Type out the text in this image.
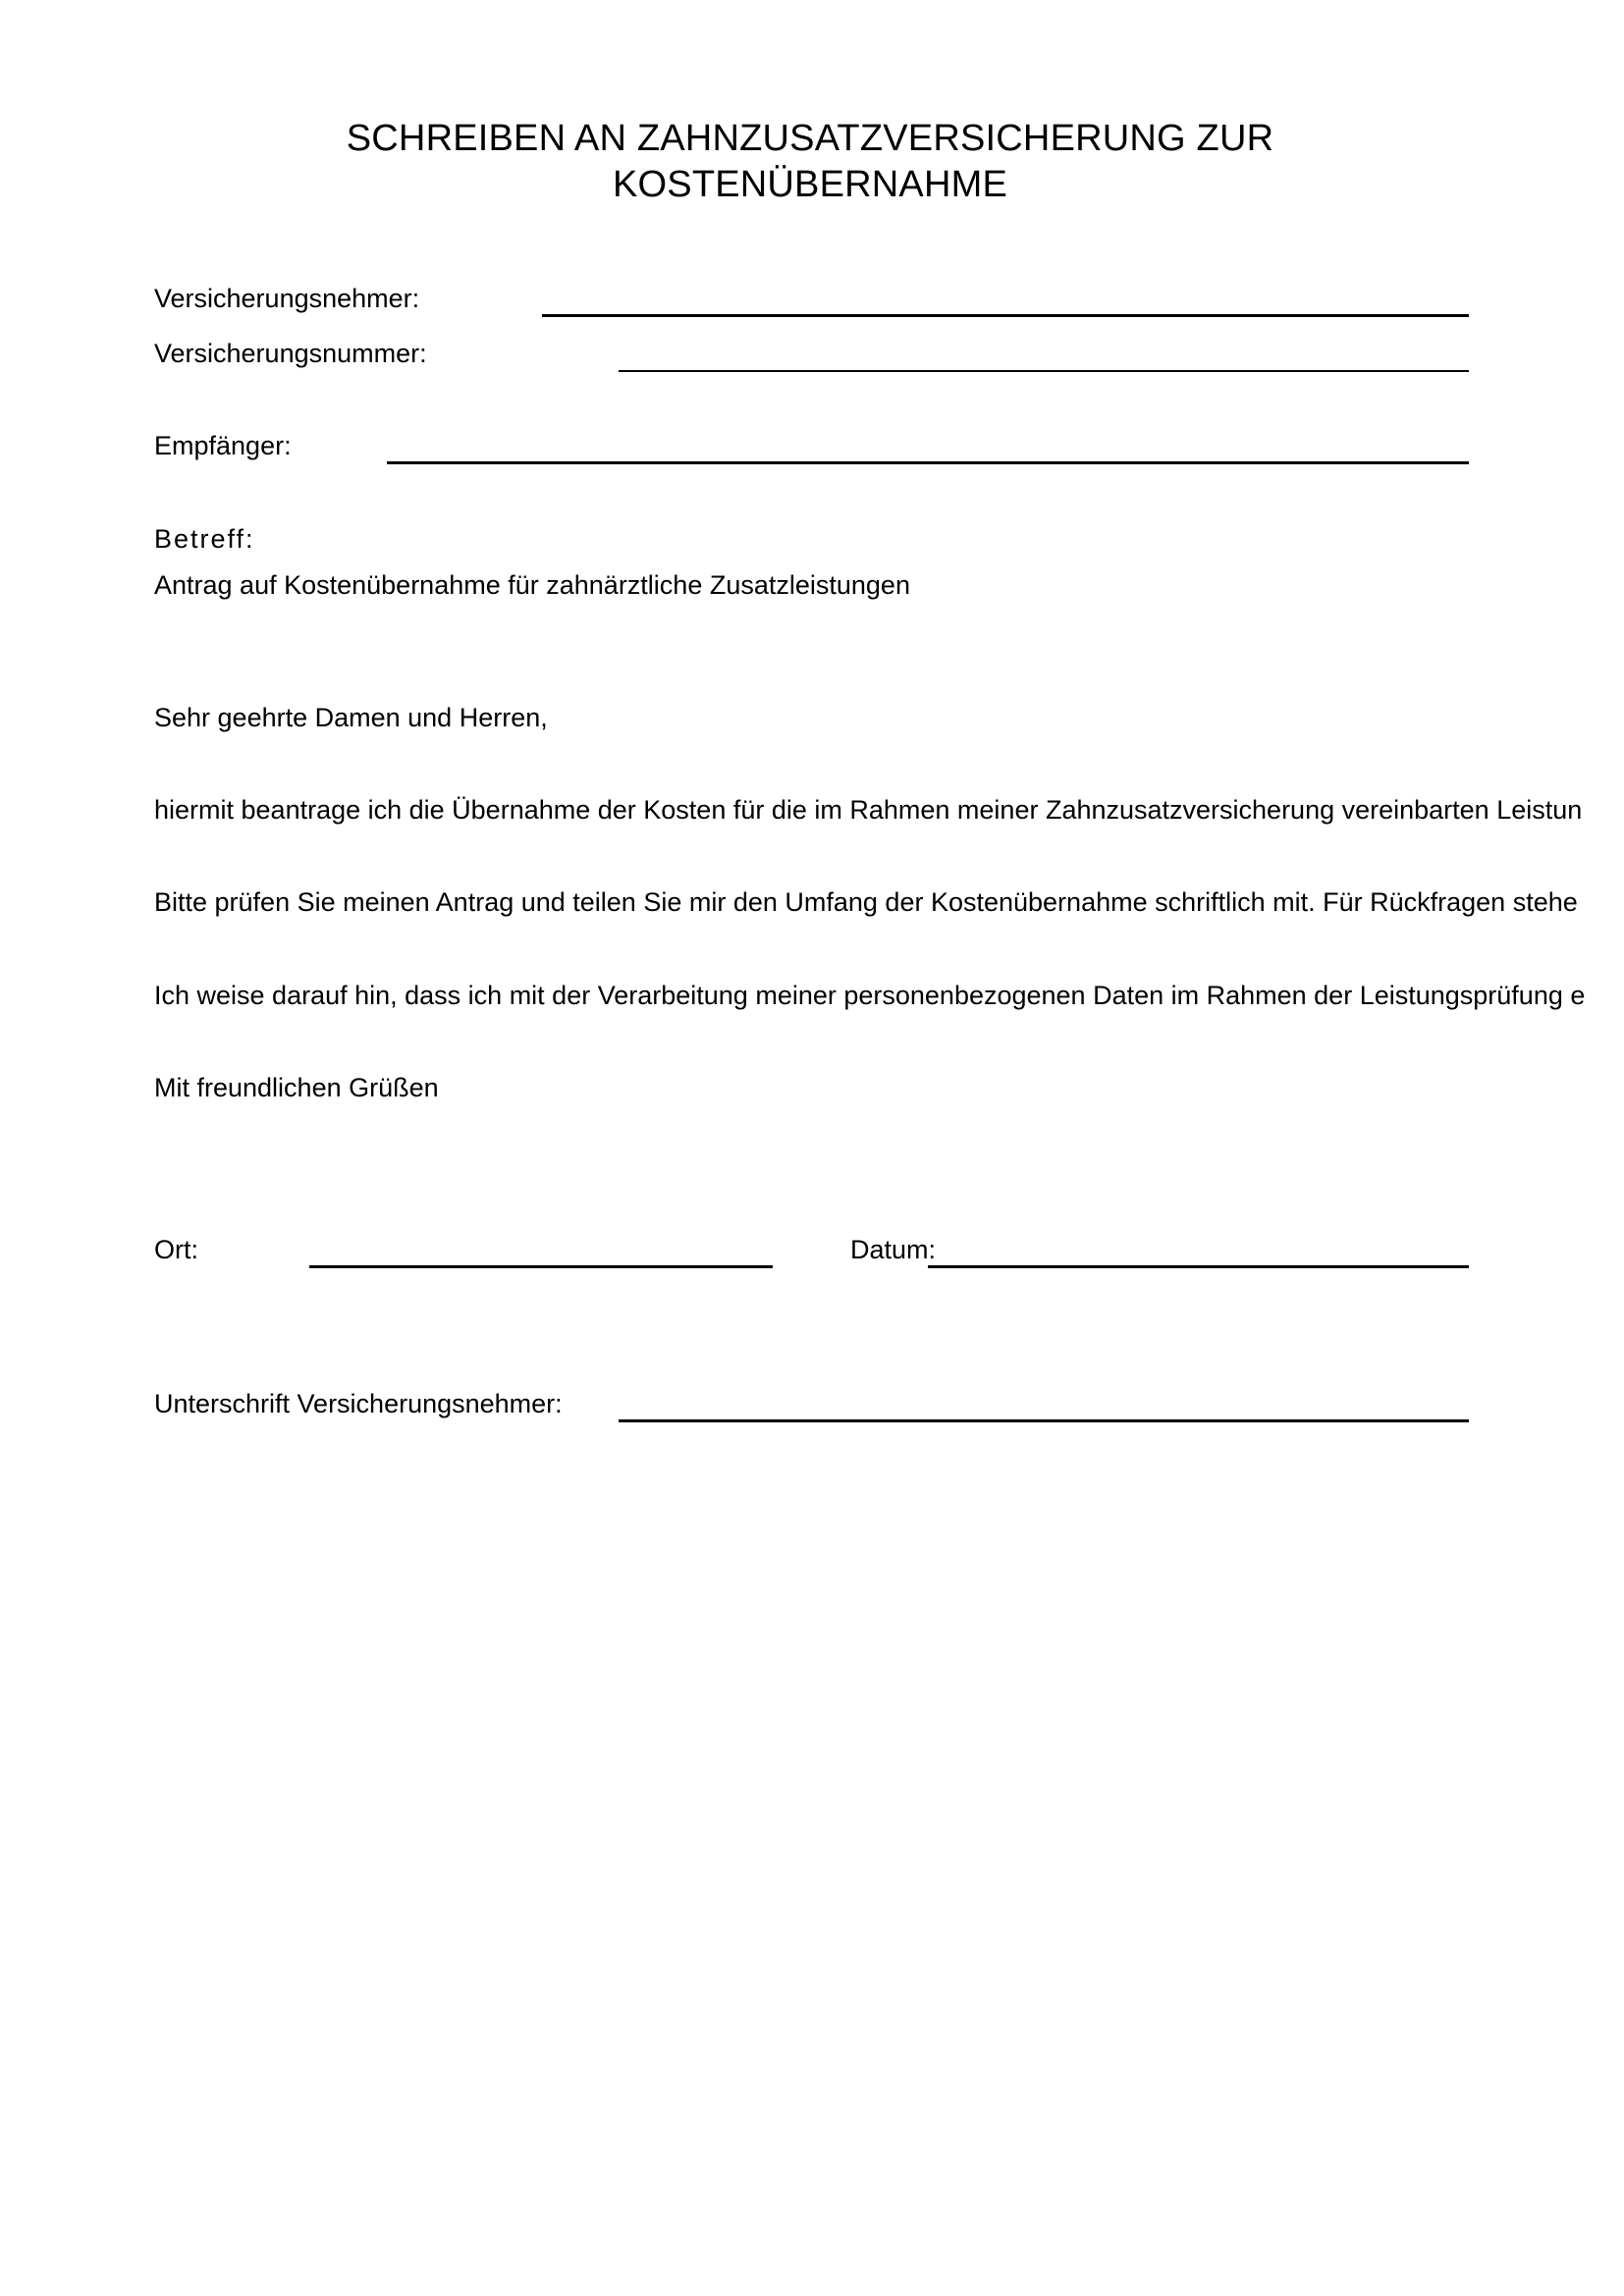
SCHREIBEN AN ZAHNZUSATZVERSICHERUNG ZUR
KOSTENÜBERNAHME
Versicherungsnehmer:
Versicherungsnummer:
Empfänger:
Betreff:
Antrag auf Kostenübernahme für zahnärztliche Zusatzleistungen
Sehr geehrte Damen und Herren,
hiermit beantrage ich die Übernahme der Kosten für die im Rahmen meiner Zahnzusatzversicherung vereinbarten Leistun
Bitte prüfen Sie meinen Antrag und teilen Sie mir den Umfang der Kostenübernahme schriftlich mit. Für Rückfragen stehe
Ich weise darauf hin, dass ich mit der Verarbeitung meiner personenbezogenen Daten im Rahmen der Leistungsprüfung e
Mit freundlichen Grüßen
Ort:	Datum:
Unterschrift Versicherungsnehmer:
